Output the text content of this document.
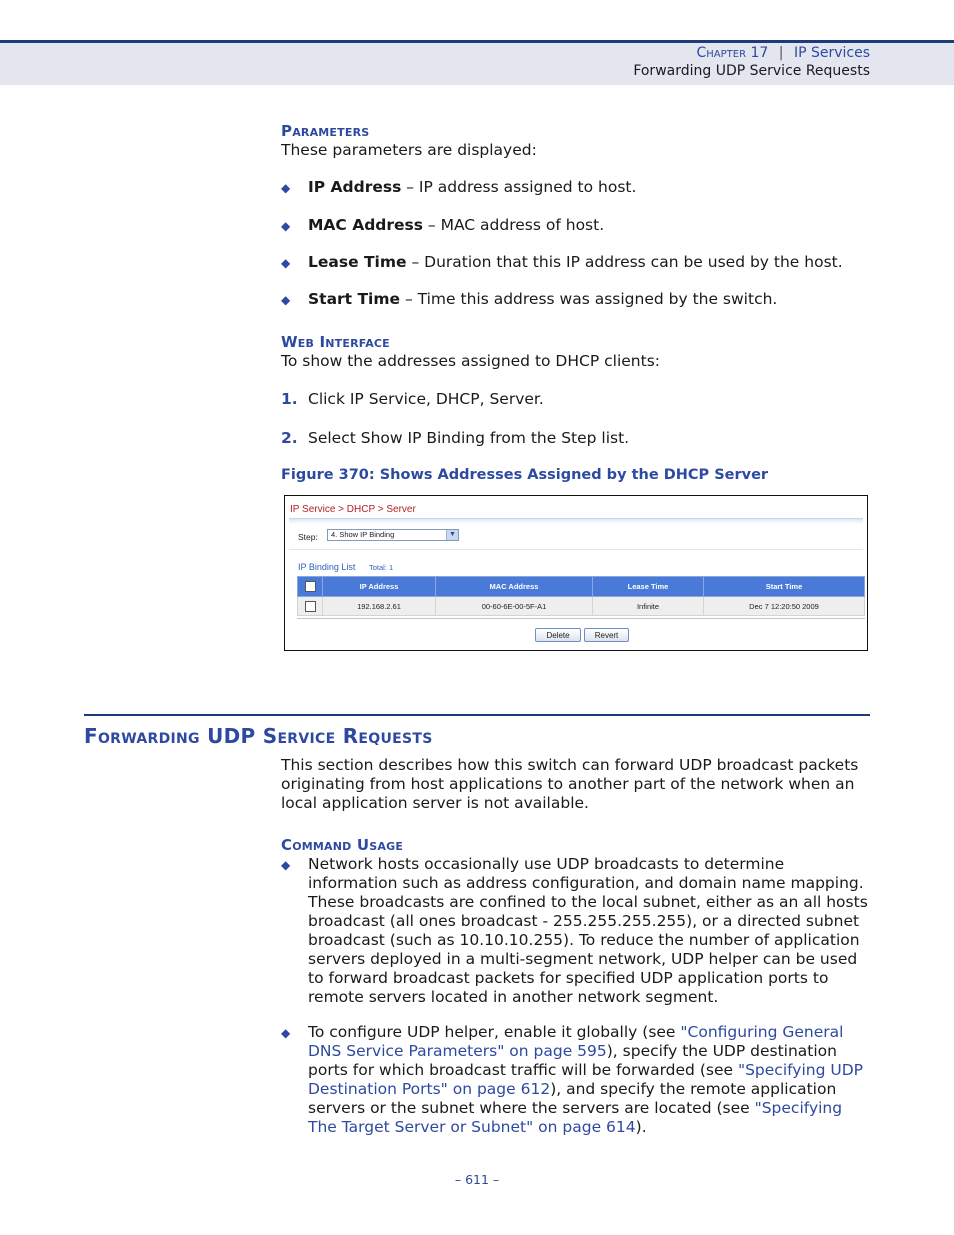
Chapter 17 | IP Services
Forwarding UDP Service Requests
Parameters
These parameters are displayed:
◆ IP Address – IP address assigned to host.
◆ MAC Address – MAC address of host.
◆ Lease Time – Duration that this IP address can be used by the host.
◆ Start Time – Time this address was assigned by the switch.
Web Interface
To show the addresses assigned to DHCP clients:
1. Click IP Service, DHCP, Server.
2. Select Show IP Binding from the Step list.
Figure 370: Shows Addresses Assigned by the DHCP Server
IP Service > DHCP > Server
Step:	4. Show IP Binding	▼
IP Binding List Total: 1
	IP Address	MAC Address	Lease Time	Start Time
	192.168.2.61	00-60-6E-00-5F-A1	Infinite	Dec 7 12:20:50 2009
Delete	Revert
Forwarding UDP Service Requests
This section describes how this switch can forward UDP broadcast packets
originating from host applications to another part of the network when an
local application server is not available.
Command Usage
◆ Network hosts occasionally use UDP broadcasts to determine
information such as address configuration, and domain name mapping.
These broadcasts are confined to the local subnet, either as an all hosts
broadcast (all ones broadcast - 255.255.255.255), or a directed subnet
broadcast (such as 10.10.10.255). To reduce the number of application
servers deployed in a multi-segment network, UDP helper can be used
to forward broadcast packets for specified UDP application ports to
remote servers located in another network segment.
◆ To configure UDP helper, enable it globally (see "Configuring General
DNS Service Parameters" on page 595), specify the UDP destination
ports for which broadcast traffic will be forwarded (see "Specifying UDP
Destination Ports" on page 612), and specify the remote application
servers or the subnet where the servers are located (see "Specifying
The Target Server or Subnet" on page 614).
– 611 –
